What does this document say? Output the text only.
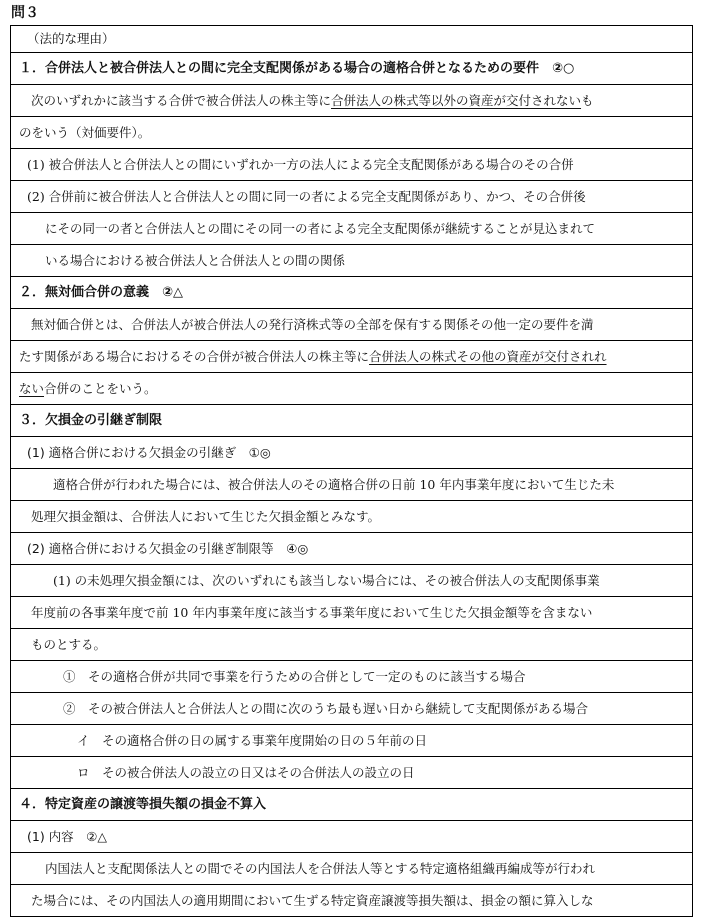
問３
（法的な理由）
１．合併法人と被合併法人との間に完全支配関係がある場合の適格合併となるための要件　②○
次のいずれかに該当する合併で被合併法人の株主等に合併法人の株式等以外の資産が交付されないも
のをいう（対価要件）。
(1) 被合併法人と合併法人との間にいずれか一方の法人による完全支配関係がある場合のその合併
(2) 合併前に被合併法人と合併法人との間に同一の者による完全支配関係があり、かつ、その合併後
にその同一の者と合併法人との間にその同一の者による完全支配関係が継続することが見込まれて
いる場合における被合併法人と合併法人との間の関係
２．無対価合併の意義　②△
無対価合併とは、合併法人が被合併法人の発行済株式等の全部を保有する関係その他一定の要件を満
たす関係がある場合におけるその合併が被合併法人の株主等に合併法人の株式その他の資産が交付されれ
ない合併のことをいう。
３．欠損金の引継ぎ制限
(1) 適格合併における欠損金の引継ぎ　①◎
適格合併が行われた場合には、被合併法人のその適格合併の日前 10 年内事業年度において生じた未
処理欠損金額は、合併法人において生じた欠損金額とみなす。
(2) 適格合併における欠損金の引継ぎ制限等　④◎
(1) の未処理欠損金額には、次のいずれにも該当しない場合には、その被合併法人の支配関係事業
年度前の各事業年度で前 10 年内事業年度に該当する事業年度において生じた欠損金額等を含まない
ものとする。
①　その適格合併が共同で事業を行うための合併として一定のものに該当する場合
②　その被合併法人と合併法人との間に次のうち最も遅い日から継続して支配関係がある場合
イ　その適格合併の日の属する事業年度開始の日の５年前の日
ロ　その被合併法人の設立の日又はその合併法人の設立の日
４．特定資産の譲渡等損失額の損金不算入
(1) 内容　②△
内国法人と支配関係法人との間でその内国法人を合併法人等とする特定適格組織再編成等が行われ
た場合には、その内国法人の適用期間において生ずる特定資産譲渡等損失額は、損金の額に算入しな
